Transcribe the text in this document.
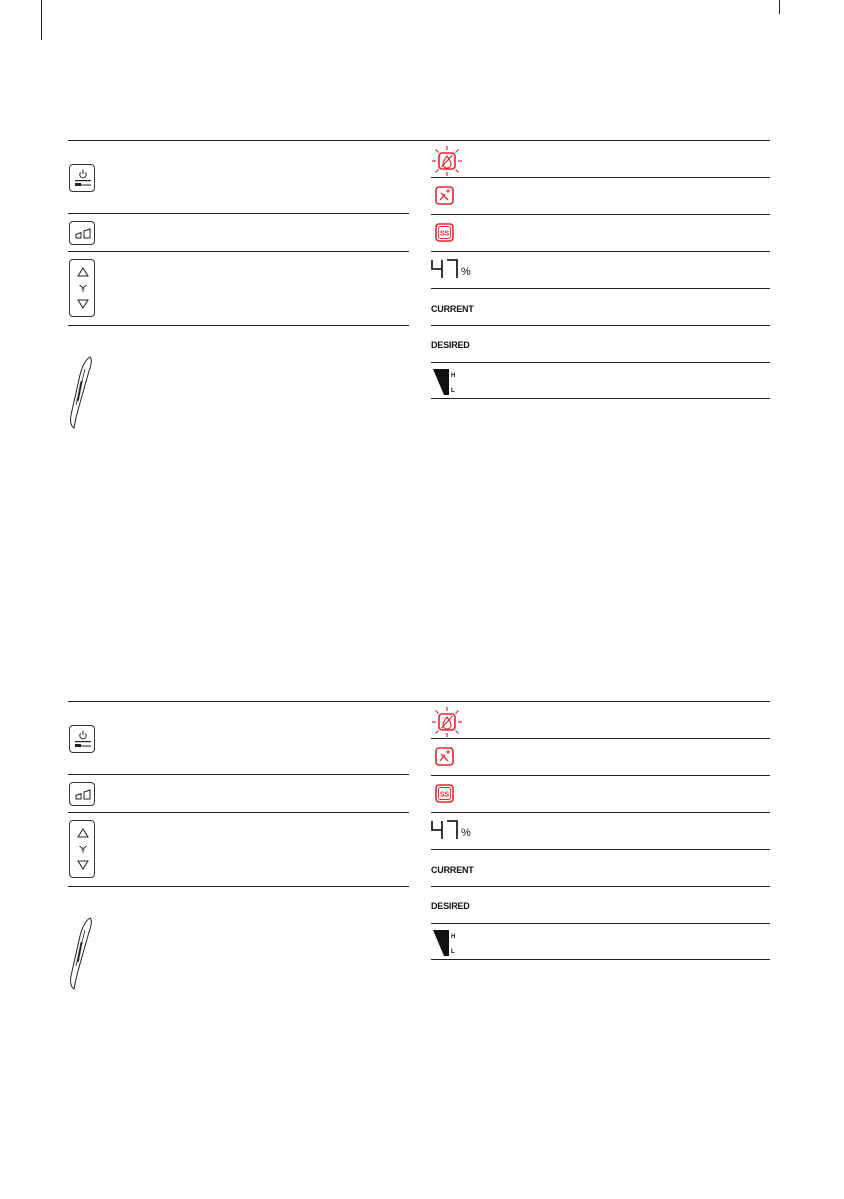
SS
%
CURRENT
DESIRED
H
L
SS
%
CURRENT
DESIRED
H
L
